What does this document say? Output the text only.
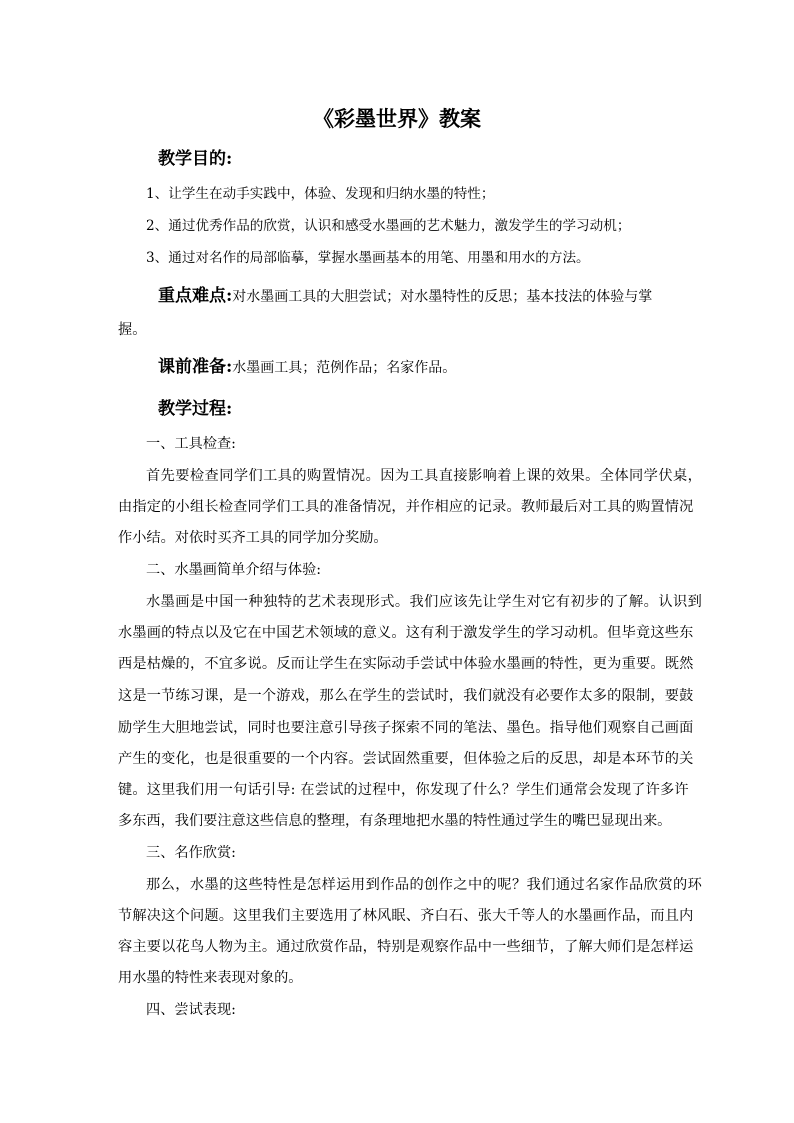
《彩墨世界》教案
教学目的:
1、让学生在动手实践中，体验、发现和归纳水墨的特性；
2、通过优秀作品的欣赏，认识和感受水墨画的艺术魅力，激发学生的学习动机；
3、通过对名作的局部临摹，掌握水墨画基本的用笔、用墨和用水的方法。
重点难点:对水墨画工具的大胆尝试；对水墨特性的反思；基本技法的体验与掌
握。
课前准备:水墨画工具；范例作品；名家作品。
教学过程:
一、工具检查:
首先要检查同学们工具的购置情况。因为工具直接影响着上课的效果。全体同学伏桌，
由指定的小组长检查同学们工具的准备情况，并作相应的记录。教师最后对工具的购置情况
作小结。对依时买齐工具的同学加分奖励。
二、水墨画简单介绍与体验:
水墨画是中国一种独特的艺术表现形式。我们应该先让学生对它有初步的了解。认识到
水墨画的特点以及它在中国艺术领域的意义。这有利于激发学生的学习动机。但毕竟这些东
西是枯燥的，不宜多说。反而让学生在实际动手尝试中体验水墨画的特性，更为重要。既然
这是一节练习课，是一个游戏，那么在学生的尝试时，我们就没有必要作太多的限制，要鼓
励学生大胆地尝试，同时也要注意引导孩子探索不同的笔法、墨色。指导他们观察自己画面
产生的变化，也是很重要的一个内容。尝试固然重要，但体验之后的反思，却是本环节的关
键。这里我们用一句话引导: 在尝试的过程中，你发现了什么？学生们通常会发现了许多许
多东西，我们要注意这些信息的整理，有条理地把水墨的特性通过学生的嘴巴显现出来。
三、名作欣赏:
那么，水墨的这些特性是怎样运用到作品的创作之中的呢？我们通过名家作品欣赏的环
节解决这个问题。这里我们主要选用了林风眠、齐白石、张大千等人的水墨画作品，而且内
容主要以花鸟人物为主。通过欣赏作品，特别是观察作品中一些细节，了解大师们是怎样运
用水墨的特性来表现对象的。
四、尝试表现:
